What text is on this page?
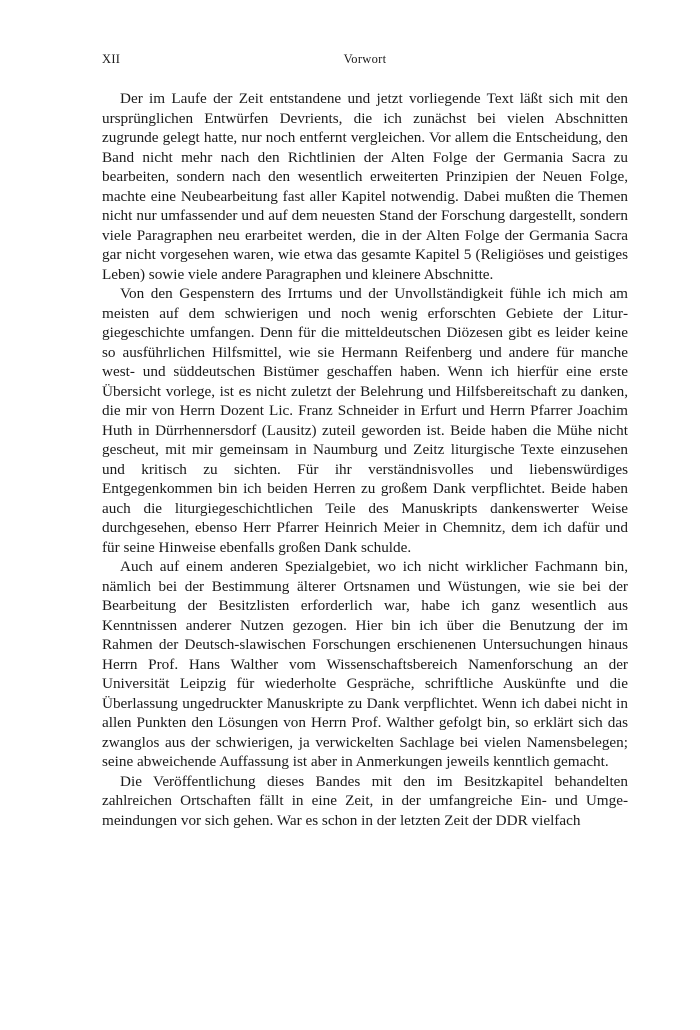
XII	Vorwort

Der im Laufe der Zeit entstandene und jetzt vorliegende Text läßt sich mit den ursprünglichen Entwürfen Devrients, die ich zunächst bei vielen Abschnitten zugrunde gelegt hatte, nur noch entfernt vergleichen. Vor allem die Entscheidung, den Band nicht mehr nach den Richtlinien der Alten Folge der Germania Sacra zu bearbeiten, sondern nach den wesentlich erweiterten Prinzipien der Neuen Folge, machte eine Neubearbeitung fast aller Kapitel notwendig. Dabei mußten die Themen nicht nur umfassender und auf dem neuesten Stand der Forschung dargestellt, sondern viele Paragraphen neu erarbeitet werden, die in der Alten Folge der Germania Sacra gar nicht vorgesehen waren, wie etwa das gesamte Kapitel 5 (Religiöses und geistiges Leben) sowie viele andere Paragraphen und kleinere Abschnitte.

Von den Gespenstern des Irrtums und der Unvollständigkeit fühle ich mich am meisten auf dem schwierigen und noch wenig erforschten Gebiete der Liturgiegeschichte umfangen. Denn für die mitteldeutschen Diözesen gibt es leider keine so ausführlichen Hilfsmittel, wie sie Hermann Reifenberg und andere für manche west- und süddeutschen Bistümer geschaffen haben. Wenn ich hierfür eine erste Übersicht vorlege, ist es nicht zuletzt der Belehrung und Hilfsbereitschaft zu danken, die mir von Herrn Dozent Lic. Franz Schneider in Erfurt und Herrn Pfarrer Joachim Huth in Dürrhennersdorf (Lausitz) zuteil geworden ist. Beide haben die Mühe nicht gescheut, mit mir gemeinsam in Naumburg und Zeitz liturgische Texte einzusehen und kritisch zu sichten. Für ihr verständnisvolles und liebenswürdiges Entgegenkommen bin ich beiden Herren zu großem Dank verpflichtet. Beide haben auch die liturgiegeschichtlichen Teile des Manuskripts dankenswerter Weise durchgesehen, ebenso Herr Pfarrer Heinrich Meier in Chemnitz, dem ich dafür und für seine Hinweise ebenfalls großen Dank schulde.

Auch auf einem anderen Spezialgebiet, wo ich nicht wirklicher Fachmann bin, nämlich bei der Bestimmung älterer Ortsnamen und Wüstungen, wie sie bei der Bearbeitung der Besitzlisten erforderlich war, habe ich ganz wesentlich aus Kenntnissen anderer Nutzen gezogen. Hier bin ich über die Benutzung der im Rahmen der Deutsch-slawischen Forschungen erschienenen Untersuchungen hinaus Herrn Prof. Hans Walther vom Wissenschaftsbereich Namenforschung an der Universität Leipzig für wiederholte Gespräche, schriftliche Auskünfte und die Überlassung ungedruckter Manuskripte zu Dank verpflichtet. Wenn ich dabei nicht in allen Punkten den Lösungen von Herrn Prof. Walther gefolgt bin, so erklärt sich das zwanglos aus der schwierigen, ja verwickelten Sachlage bei vielen Namensbelegen; seine abweichende Auffassung ist aber in Anmerkungen jeweils kenntlich gemacht.

Die Veröffentlichung dieses Bandes mit den im Besitzkapitel behandelten zahlreichen Ortschaften fällt in eine Zeit, in der umfangreiche Ein- und Umgemeindungen vor sich gehen. War es schon in der letzten Zeit der DDR vielfach
